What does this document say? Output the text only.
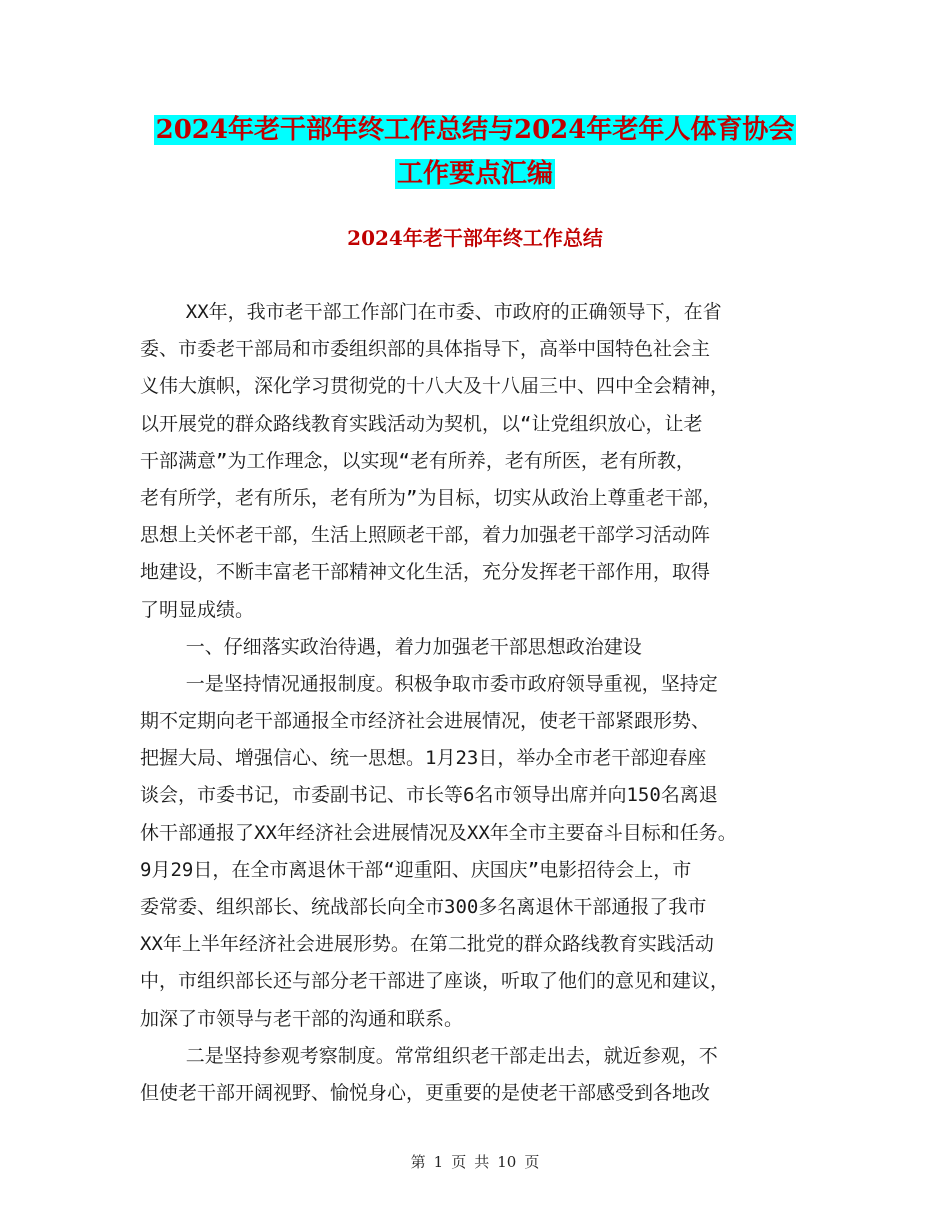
2024年老干部年终工作总结与2024年老年人体育协会
工作要点汇编
2024年老干部年终工作总结

XX年，我市老干部工作部门在市委、市政府的正确领导下，在省

委、市委老干部局和市委组织部的具体指导下，高举中国特色社会主

义伟大旗帜，深化学习贯彻党的十八大及十八届三中、四中全会精神，

以开展党的群众路线教育实践活动为契机，以“让党组织放心，让老

干部满意”为工作理念，以实现“老有所养，老有所医，老有所教，

老有所学，老有所乐，老有所为”为目标，切实从政治上尊重老干部，

思想上关怀老干部，生活上照顾老干部，着力加强老干部学习活动阵

地建设，不断丰富老干部精神文化生活，充分发挥老干部作用，取得

了明显成绩。

一、仔细落实政治待遇，着力加强老干部思想政治建设

一是坚持情况通报制度。积极争取市委市政府领导重视，坚持定

期不定期向老干部通报全市经济社会进展情况，使老干部紧跟形势、

把握大局、增强信心、统一思想。1月23日，举办全市老干部迎春座

谈会，市委书记，市委副书记、市长等6名市领导出席并向150名离退

休干部通报了XX年经济社会进展情况及XX年全市主要奋斗目标和任务。

9月29日，在全市离退休干部“迎重阳、庆国庆”电影招待会上，市

委常委、组织部长、统战部长向全市300多名离退休干部通报了我市

XX年上半年经济社会进展形势。在第二批党的群众路线教育实践活动

中，市组织部长还与部分老干部进了座谈，听取了他们的意见和建议，

加深了市领导与老干部的沟通和联系。

二是坚持参观考察制度。常常组织老干部走出去，就近参观，不

但使老干部开阔视野、愉悦身心，更重要的是使老干部感受到各地改

第 1 页 共 10 页
